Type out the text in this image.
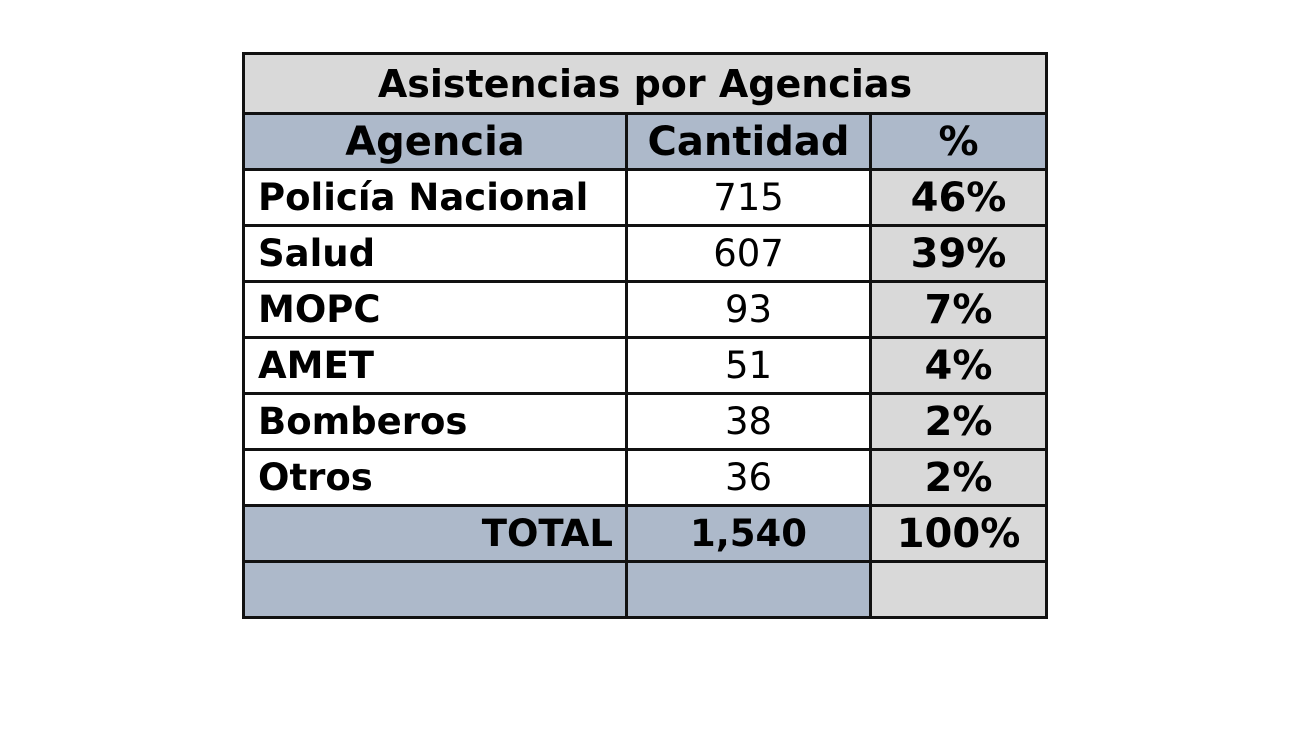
Asistencias por Agencias		
Agencia	Cantidad	%
Policía Nacional	715	46%
Salud	607	39%
MOPC	93	7%
AMET	51	4%
Bomberos	38	2%
Otros	36	2%
TOTAL	1,540	100%
